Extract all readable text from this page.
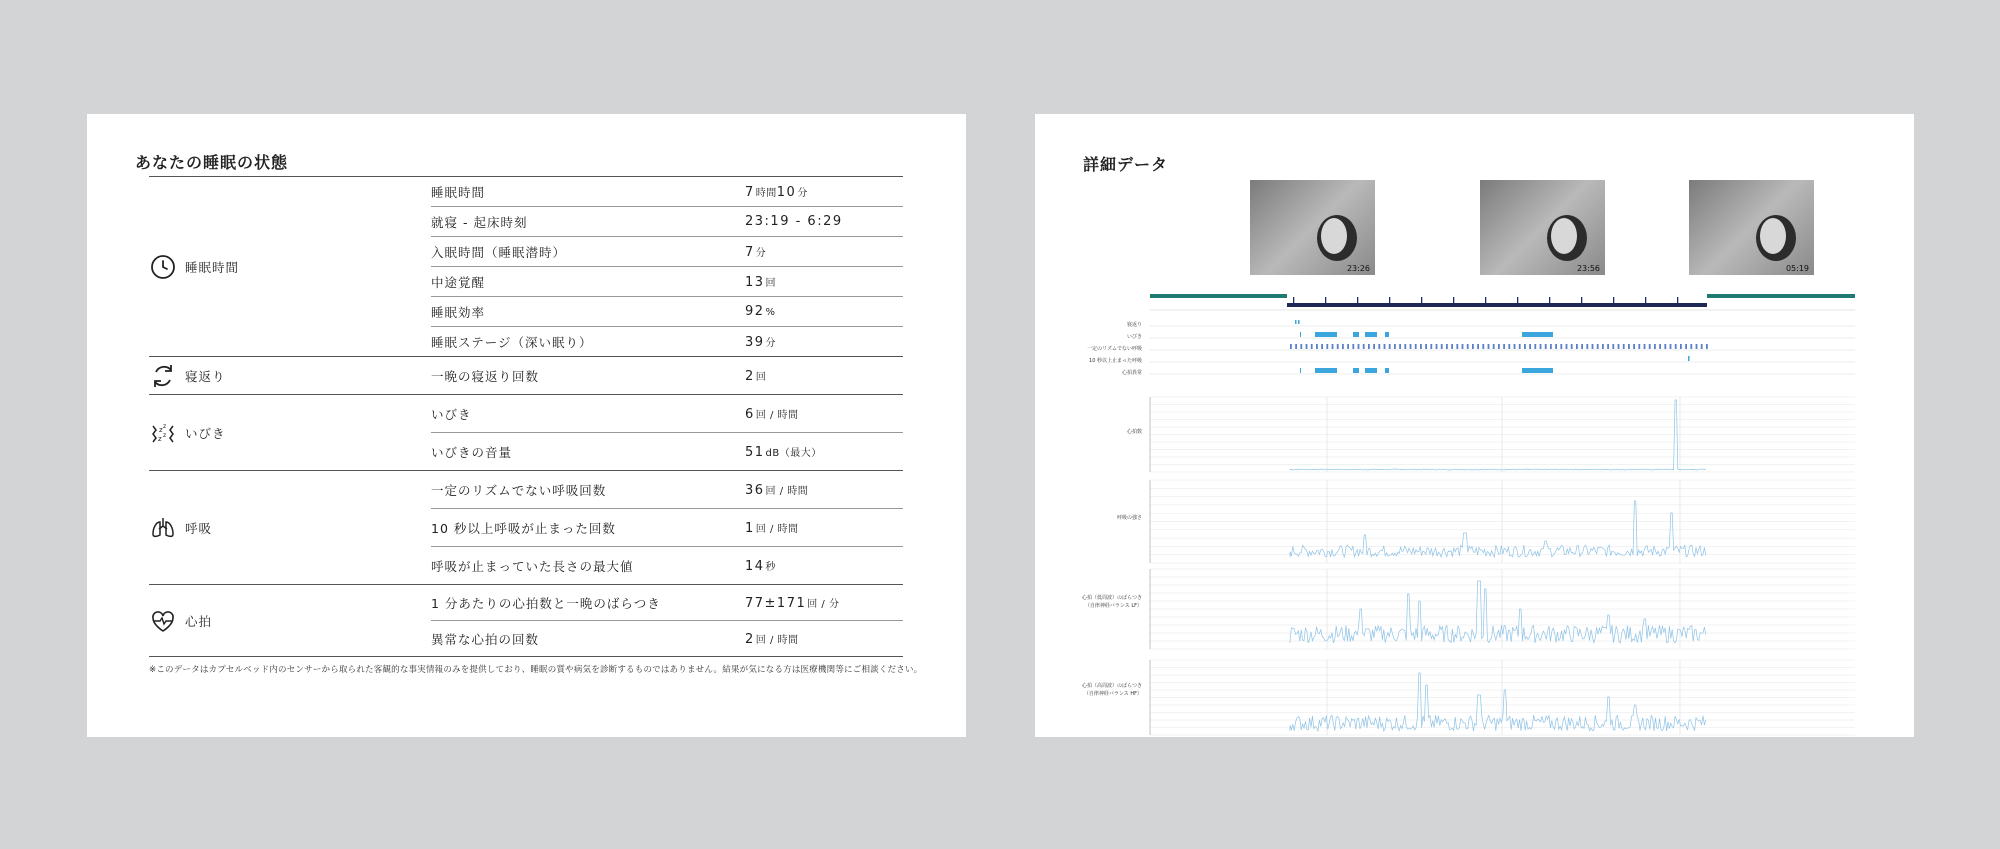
あなたの睡眠の状態
睡眠時間
睡眠時間	7時間10分
就寝 - 起床時刻	23:19 - 6:29
入眠時間（睡眠潜時）	7分
中途覚醒	13回
睡眠効率	92%
睡眠ステージ（深い眠り）	39分
寝返り	一晩の寝返り回数	2回
z z
z z いびき
いびき	6回 / 時間
いびきの音量	51dB（最大）
呼吸
一定のリズムでない呼吸回数	36回 / 時間
10 秒以上呼吸が止まった回数	1回 / 時間
呼吸が止まっていた長さの最大値	14秒
心拍
1 分あたりの心拍数と一晩のばらつき	77±171回 / 分
異常な心拍の回数	2回 / 時間
※このデータはカプセルベッド内のセンサーから取られた客観的な事実情報のみを提供しており、睡眠の質や病気を診断するものではありません。結果が気になる方は医療機関等にご相談ください。
詳細データ
23:26	23:56	05:19
寝返り
いびき
一定のリズムでない呼吸
10 秒以上止まった呼吸
心拍異常
心拍数
呼吸の強さ
心拍（低周波）のばらつき
（自律神経バランス LF）
心拍（高周波）のばらつき
（自律神経バランス HF）
